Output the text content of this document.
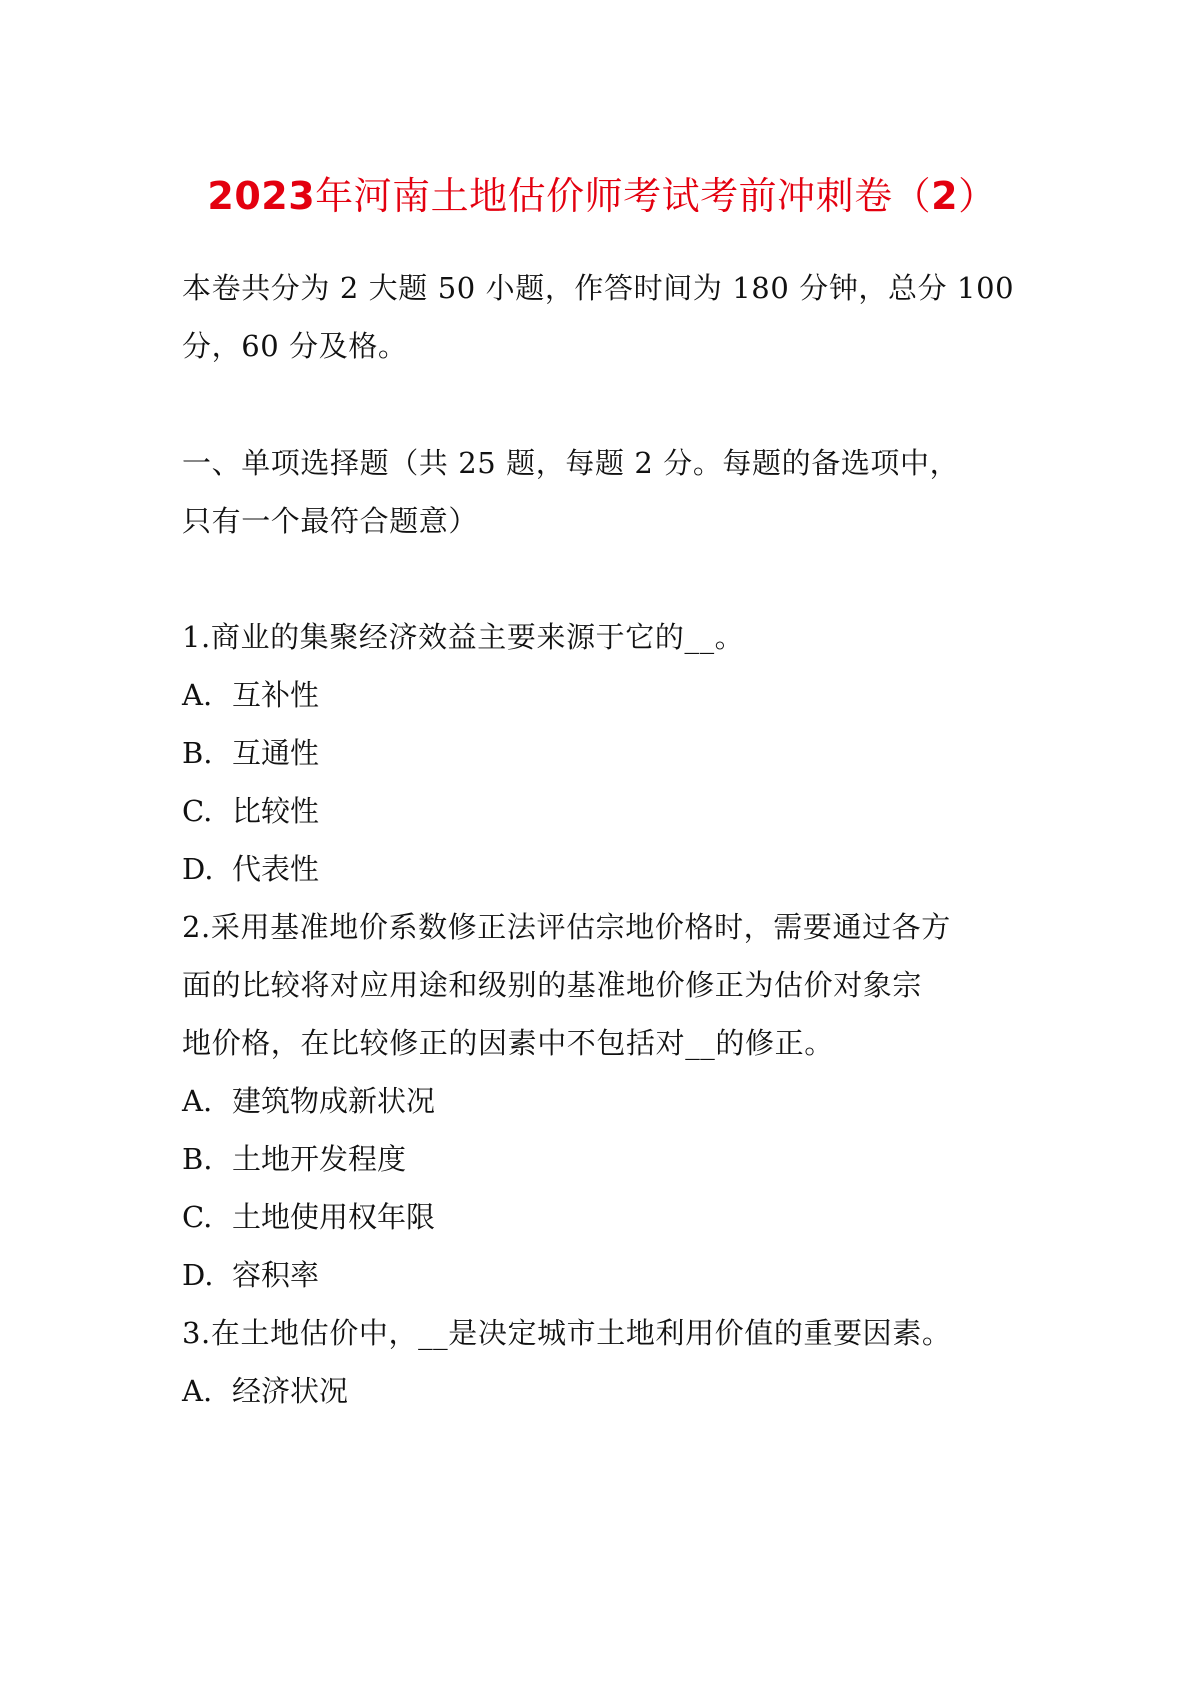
2023年河南土地估价师考试考前冲刺卷（2）
本卷共分为 2 大题 50 小题，作答时间为 180 分钟，总分 100
分，60 分及格。
一、单项选择题（共 25 题，每题 2 分。每题的备选项中，
只有一个最符合题意）
1.商业的集聚经济效益主要来源于它的__。
A. 互补性
B. 互通性
C. 比较性
D. 代表性
2.采用基准地价系数修正法评估宗地价格时，需要通过各方
面的比较将对应用途和级别的基准地价修正为估价对象宗
地价格，在比较修正的因素中不包括对__的修正。
A. 建筑物成新状况
B. 土地开发程度
C. 土地使用权年限
D. 容积率
3.在土地估价中，__是决定城市土地利用价值的重要因素。
A. 经济状况
